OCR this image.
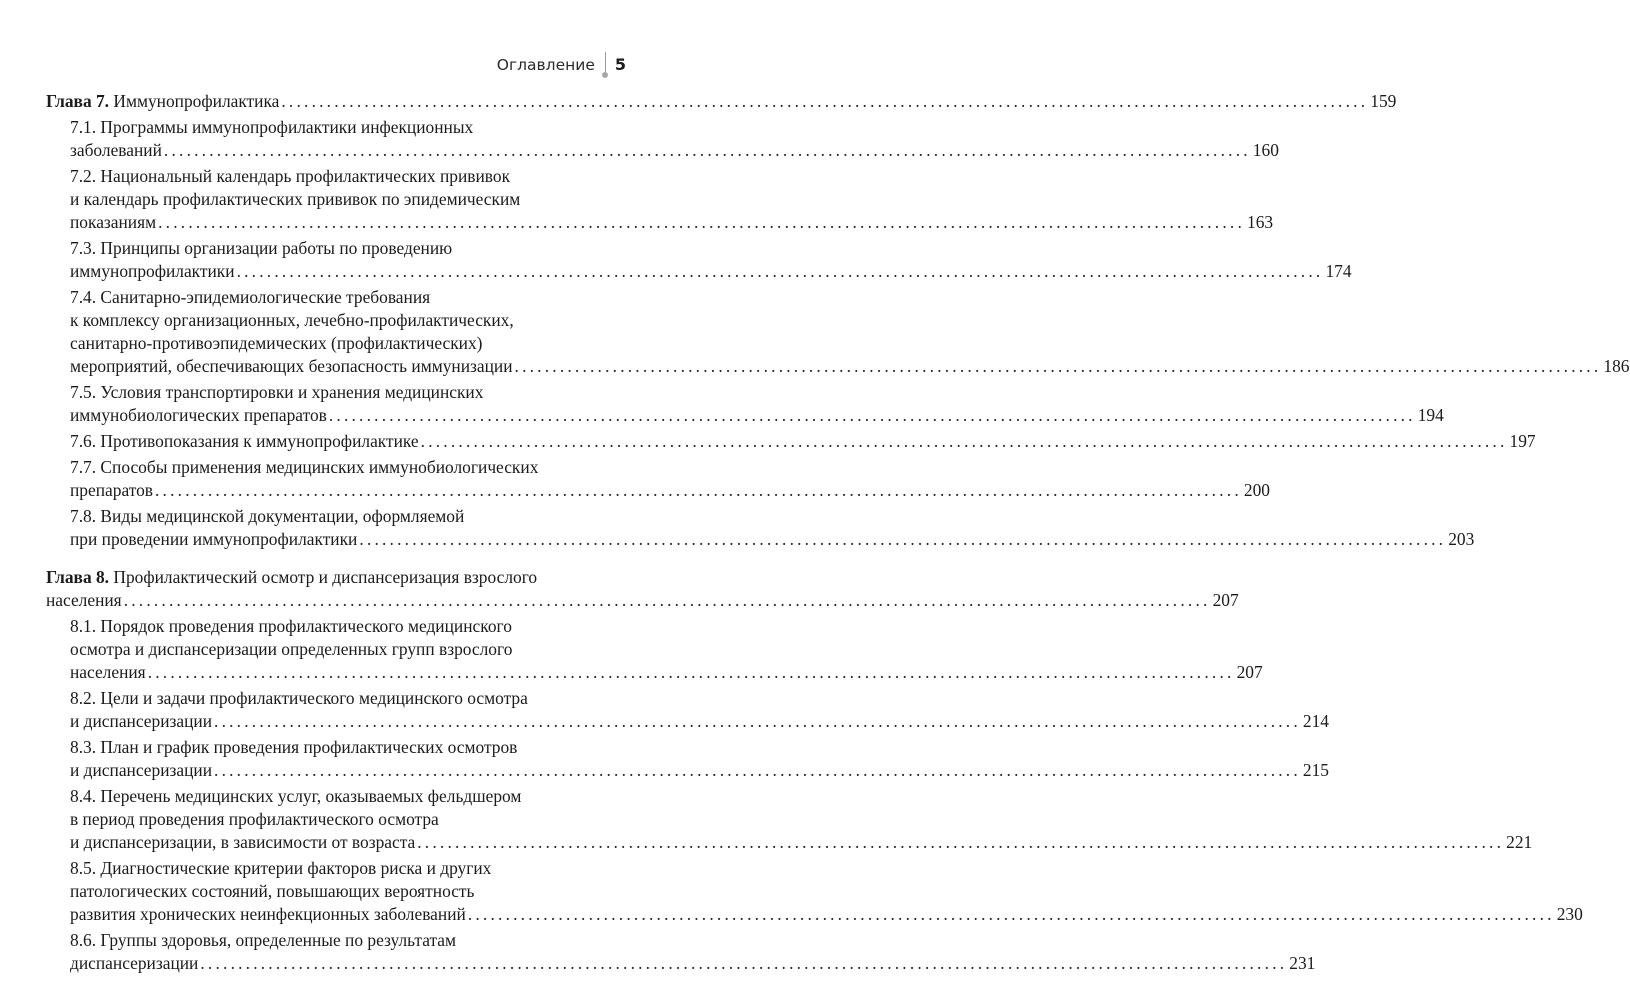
Оглавление 5
Глава 7. Иммунопрофилактика ................................................................................................................................................ 159
7.1. Программы иммунопрофилактики инфекционных
заболеваний ................................................................................................................................................ 160
7.2. Национальный календарь профилактических прививок
и календарь профилактических прививок по эпидемическим
показаниям ................................................................................................................................................ 163
7.3. Принципы организации работы по проведению
иммунопрофилактики ................................................................................................................................................ 174
7.4. Санитарно-эпидемиологические требования
к комплексу организационных, лечебно-профилактических,
санитарно-противоэпидемических (профилактических)
мероприятий, обеспечивающих безопасность иммунизации ................................................................................................................................................ 186
7.5. Условия транспортировки и хранения медицинских
иммунобиологических препаратов ................................................................................................................................................ 194
7.6. Противопоказания к иммунопрофилактике ................................................................................................................................................ 197
7.7. Способы применения медицинских иммунобиологических
препаратов ................................................................................................................................................ 200
7.8. Виды медицинской документации, оформляемой
при проведении иммунопрофилактики ................................................................................................................................................ 203
Глава 8. Профилактический осмотр и диспансеризация взрослого
населения ................................................................................................................................................ 207
8.1. Порядок проведения профилактического медицинского
осмотра и диспансеризации определенных групп взрослого
населения ................................................................................................................................................ 207
8.2. Цели и задачи профилактического медицинского осмотра
и диспансеризации ................................................................................................................................................ 214
8.3. План и график проведения профилактических осмотров
и диспансеризации ................................................................................................................................................ 215
8.4. Перечень медицинских услуг, оказываемых фельдшером
в период проведения профилактического осмотра
и диспансеризации, в зависимости от возраста ................................................................................................................................................ 221
8.5. Диагностические критерии факторов риска и других
патологических состояний, повышающих вероятность
развития хронических неинфекционных заболеваний ................................................................................................................................................ 230
8.6. Группы здоровья, определенные по результатам
диспансеризации ................................................................................................................................................ 231
